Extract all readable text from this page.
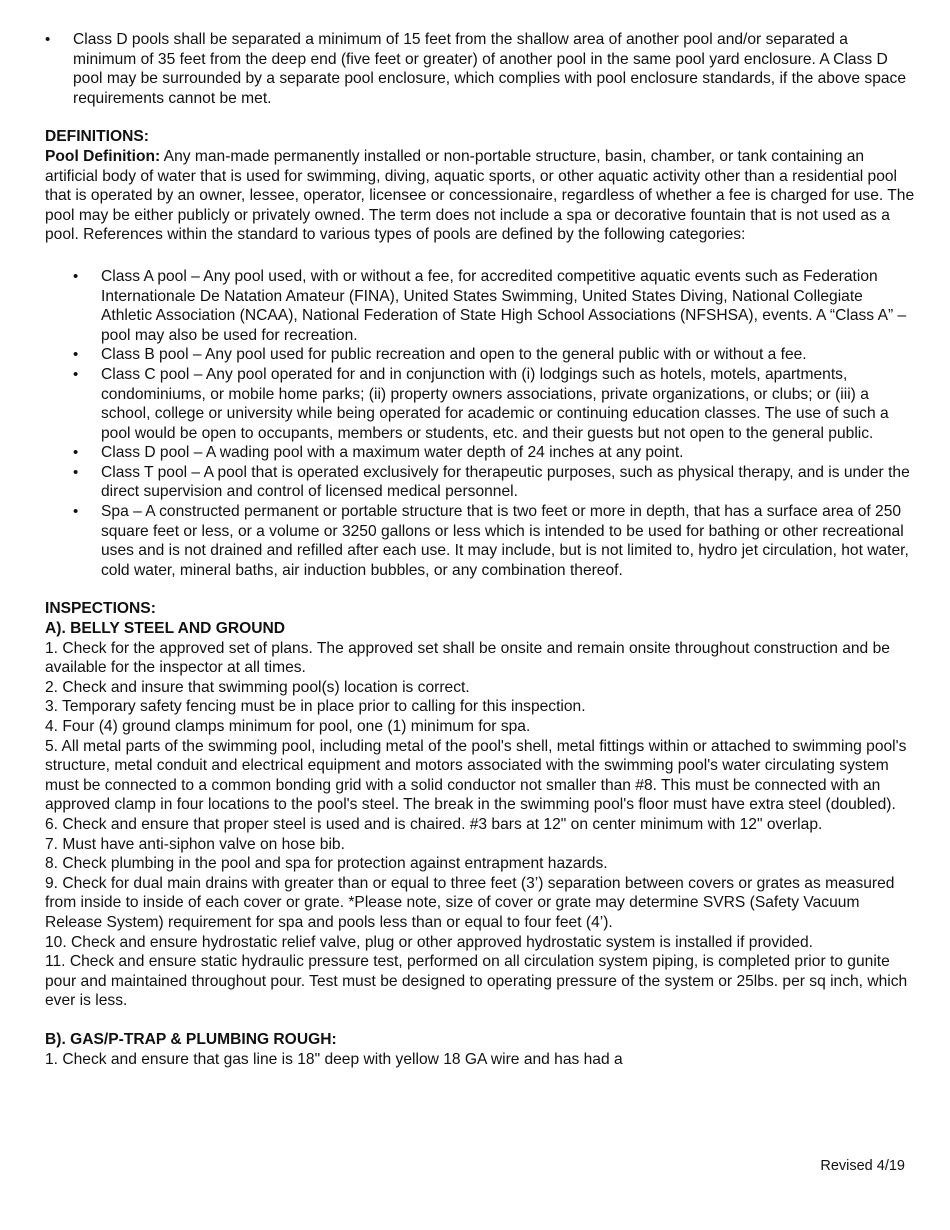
• Class D pools shall be separated a minimum of 15 feet from the shallow area of another pool and/or separated a minimum of 35 feet from the deep end (five feet or greater) of another pool in the same pool yard enclosure. A Class D pool may be surrounded by a separate pool enclosure, which complies with pool enclosure standards, if the above space requirements cannot be met.
DEFINITIONS:

Pool Definition: Any man-made permanently installed or non-portable structure, basin, chamber, or tank containing an artificial body of water that is used for swimming, diving, aquatic sports, or other aquatic activity other than a residential pool that is operated by an owner, lessee, operator, licensee or concessionaire, regardless of whether a fee is charged for use. The pool may be either publicly or privately owned. The term does not include a spa or decorative fountain that is not used as a pool. References within the standard to various types of pools are defined by the following categories:

• Class A pool – Any pool used, with or without a fee, for accredited competitive aquatic events such as Federation Internationale De Natation Amateur (FINA), United States Swimming, United States Diving, National Collegiate Athletic Association (NCAA), National Federation of State High School Associations (NFSHSA), events. A “Class A” – pool may also be used for recreation.
• Class B pool – Any pool used for public recreation and open to the general public with or without a fee.
• Class C pool – Any pool operated for and in conjunction with (i) lodgings such as hotels, motels, apartments, condominiums, or mobile home parks; (ii) property owners associations, private organizations, or clubs; or (iii) a school, college or university while being operated for academic or continuing education classes. The use of such a pool would be open to occupants, members or students, etc. and their guests but not open to the general public.
• Class D pool – A wading pool with a maximum water depth of 24 inches at any point.
• Class T pool – A pool that is operated exclusively for therapeutic purposes, such as physical therapy, and is under the direct supervision and control of licensed medical personnel.
• Spa – A constructed permanent or portable structure that is two feet or more in depth, that has a surface area of 250 square feet or less, or a volume or 3250 gallons or less which is intended to be used for bathing or other recreational uses and is not drained and refilled after each use. It may include, but is not limited to, hydro jet circulation, hot water, cold water, mineral baths, air induction bubbles, or any combination thereof.
INSPECTIONS:
A). BELLY STEEL AND GROUND

1. Check for the approved set of plans. The approved set shall be onsite and remain onsite throughout construction and be available for the inspector at all times.

2. Check and insure that swimming pool(s) location is correct.

3. Temporary safety fencing must be in place prior to calling for this inspection.

4. Four (4) ground clamps minimum for pool, one (1) minimum for spa.

5. All metal parts of the swimming pool, including metal of the pool's shell, metal fittings within or attached to swimming pool's structure, metal conduit and electrical equipment and motors associated with the swimming pool's water circulating system must be connected to a common bonding grid with a solid conductor not smaller than #8. This must be connected with an approved clamp in four locations to the pool's steel. The break in the swimming pool's floor must have extra steel (doubled).

6. Check and ensure that proper steel is used and is chaired. #3 bars at 12" on center minimum with 12" overlap.

7. Must have anti-siphon valve on hose bib.

8. Check plumbing in the pool and spa for protection against entrapment hazards.

9. Check for dual main drains with greater than or equal to three feet (3’) separation between covers or grates as measured from inside to inside of each cover or grate. *Please note, size of cover or grate may determine SVRS (Safety Vacuum Release System) requirement for spa and pools less than or equal to four feet (4’).

10. Check and ensure hydrostatic relief valve, plug or other approved hydrostatic system is installed if provided.

11. Check and ensure static hydraulic pressure test, performed on all circulation system piping, is completed prior to gunite pour and maintained throughout pour. Test must be designed to operating pressure of the system or 25lbs. per sq inch, which ever is less.

B). GAS/P-TRAP & PLUMBING ROUGH:

1. Check and ensure that gas line is 18" deep with yellow 18 GA wire and has had a

Revised 4/19
